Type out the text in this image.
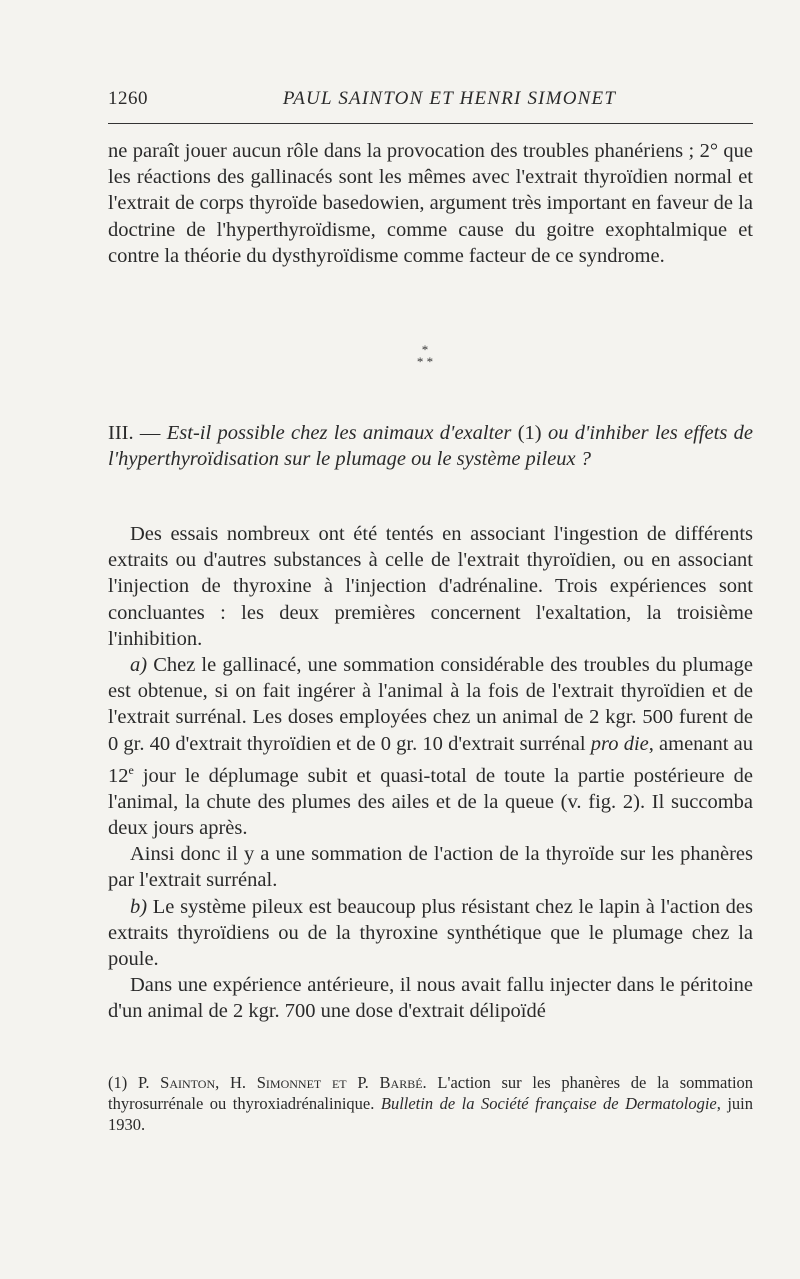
1260	PAUL SAINTON ET HENRI SIMONET

ne paraît jouer aucun rôle dans la provocation des troubles phanériens ; 2° que les réactions des gallinacés sont les mêmes avec l'extrait thyroïdien normal et l'extrait de corps thyroïde basedowien, argument très important en faveur de la doctrine de l'hyperthyroïdisme, comme cause du goitre exophtalmique et contre la théorie du dysthyroïdisme comme facteur de ce syndrome.

*
* *
III. — Est-il possible chez les animaux d'exalter (1) ou d'inhiber les effets de l'hyperthyroïdisation sur le plumage ou le système pileux ?

Des essais nombreux ont été tentés en associant l'ingestion de différents extraits ou d'autres substances à celle de l'extrait thyroïdien, ou en associant l'injection de thyroxine à l'injection d'adrénaline. Trois expériences sont concluantes : les deux premières concernent l'exaltation, la troisième l'inhibition.

a) Chez le gallinacé, une sommation considérable des troubles du plumage est obtenue, si on fait ingérer à l'animal à la fois de l'extrait thyroïdien et de l'extrait surrénal. Les doses employées chez un animal de 2 kgr. 500 furent de 0 gr. 40 d'extrait thyroïdien et de 0 gr. 10 d'extrait surrénal pro die, amenant au 12e jour le déplumage subit et quasi-total de toute la partie postérieure de l'animal, la chute des plumes des ailes et de la queue (v. fig. 2). Il succomba deux jours après.

Ainsi donc il y a une sommation de l'action de la thyroïde sur les phanères par l'extrait surrénal.

b) Le système pileux est beaucoup plus résistant chez le lapin à l'action des extraits thyroïdiens ou de la thyroxine synthétique que le plumage chez la poule.

Dans une expérience antérieure, il nous avait fallu injecter dans le péritoine d'un animal de 2 kgr. 700 une dose d'extrait délipoïdé

(1) P. Sainton, H. Simonnet et P. Barbé. L'action sur les phanères de la sommation thyrosurrénale ou thyroxiadrénalinique. Bulletin de la Société française de Dermatologie, juin 1930.
